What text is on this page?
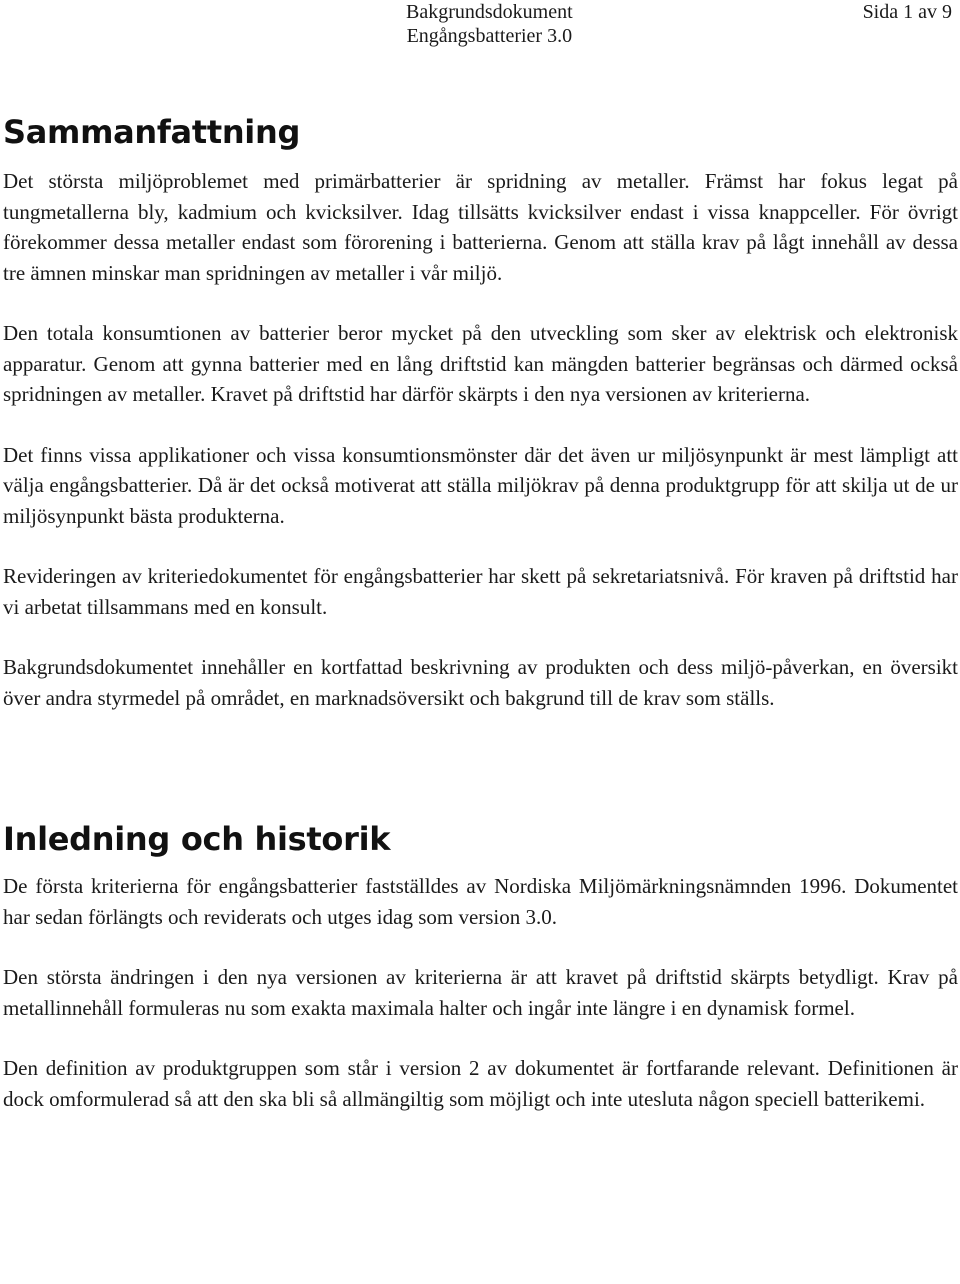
Bakgrundsdokument
Engångsbatterier 3.0
Sida 1 av 9
Sammanfattning

Det största miljöproblemet med primärbatterier är spridning av metaller. Främst har fokus legat på tungmetallerna bly, kadmium och kvicksilver. Idag tillsätts kvicksilver endast i vissa knappceller. För övrigt förekommer dessa metaller endast som förorening i batterierna. Genom att ställa krav på lågt innehåll av dessa tre ämnen minskar man spridningen av metaller i vår miljö.

Den totala konsumtionen av batterier beror mycket på den utveckling som sker av elektrisk och elektronisk apparatur. Genom att gynna batterier med en lång driftstid kan mängden batterier begränsas och därmed också spridningen av metaller. Kravet på driftstid har därför skärpts i den nya versionen av kriterierna.

Det finns vissa applikationer och vissa konsumtionsmönster där det även ur miljösynpunkt är mest lämpligt att välja engångsbatterier. Då är det också motiverat att ställa miljökrav på denna produktgrupp för att skilja ut de ur miljösynpunkt bästa produkterna.

Revideringen av kriteriedokumentet för engångsbatterier har skett på sekretariatsnivå. För kraven på driftstid har vi arbetat tillsammans med en konsult.

Bakgrundsdokumentet innehåller en kortfattad beskrivning av produkten och dess miljö-påverkan, en översikt över andra styrmedel på området, en marknadsöversikt och bakgrund till de krav som ställs.

Inledning och historik

De första kriterierna för engångsbatterier fastställdes av Nordiska Miljömärkningsnämnden 1996. Dokumentet har sedan förlängts och reviderats och utges idag som version 3.0.

Den största ändringen i den nya versionen av kriterierna är att kravet på driftstid skärpts betydligt. Krav på metallinnehåll formuleras nu som exakta maximala halter och ingår inte längre i en dynamisk formel.

Den definition av produktgruppen som står i version 2 av dokumentet är fortfarande relevant. Definitionen är dock omformulerad så att den ska bli så allmängiltig som möjligt och inte utesluta någon speciell batterikemi.
